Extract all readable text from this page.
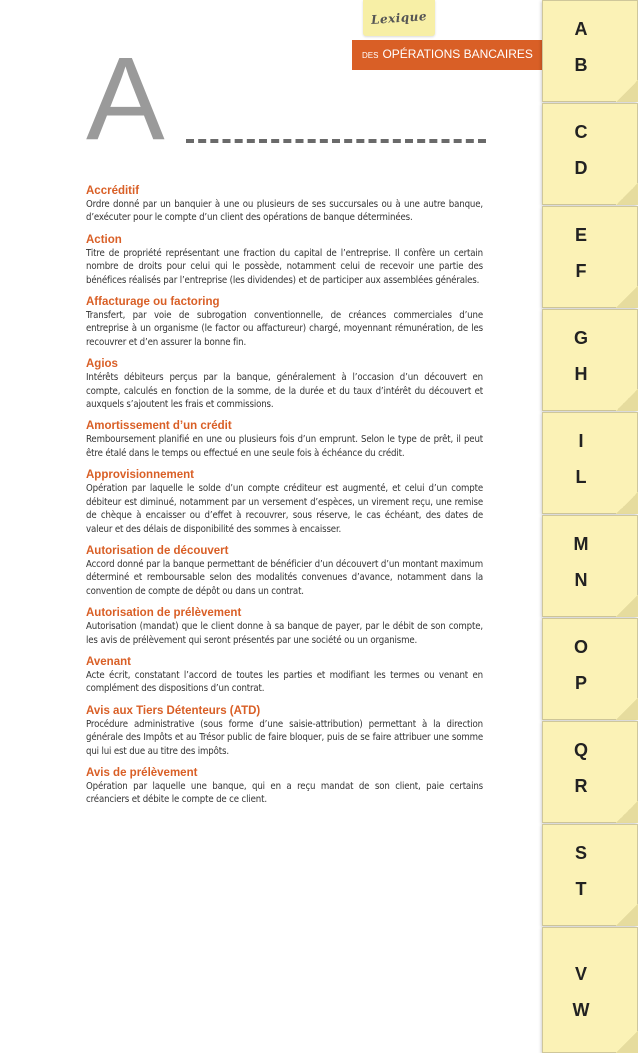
Lexique
DES OPÉRATIONS BANCAIRES
A

Accréditif

Ordre donné par un banquier à une ou plusieurs de ses succursales ou à une autre banque, d’exécuter pour le compte d’un client des opérations de banque déterminées.

Action

Titre de propriété représentant une fraction du capital de l’entreprise. Il confère un certain nombre de droits pour celui qui le possède, notamment celui de recevoir une partie des bénéfices réalisés par l’entreprise (les dividendes) et de participer aux assemblées générales.

Affacturage ou factoring

Transfert, par voie de subrogation conventionnelle, de créances commerciales d’une entreprise à un organisme (le factor ou affactureur) chargé, moyennant rémunération, de les recouvrer et d’en assurer la bonne fin.

Agios

Intérêts débiteurs perçus par la banque, généralement à l’occasion d’un découvert en compte, calculés en fonction de la somme, de la durée et du taux d’intérêt du découvert et auxquels s’ajoutent les frais et commissions.

Amortissement d’un crédit

Remboursement planifié en une ou plusieurs fois d’un emprunt. Selon le type de prêt, il peut être étalé dans le temps ou effectué en une seule fois à échéance du crédit.

Approvisionnement

Opération par laquelle le solde d’un compte créditeur est augmenté, et celui d’un compte débiteur est diminué, notamment par un versement d’espèces, un virement reçu, une remise de chèque à encaisser ou d’effet à recouvrer, sous réserve, le cas échéant, des dates de valeur et des délais de disponibilité des sommes à encaisser.

Autorisation de découvert

Accord donné par la banque permettant de bénéficier d’un découvert d’un montant maximum déterminé et remboursable selon des modalités convenues d’avance, notamment dans la convention de compte de dépôt ou dans un contrat.

Autorisation de prélèvement

Autorisation (mandat) que le client donne à sa banque de payer, par le débit de son compte, les avis de prélèvement qui seront présentés par une société ou un organisme.

Avenant

Acte écrit, constatant l’accord de toutes les parties et modifiant les termes ou venant en complément des dispositions d’un contrat.

Avis aux Tiers Détenteurs (ATD)

Procédure administrative (sous forme d’une saisie-attribution) permettant à la direction générale des Impôts et au Trésor public de faire bloquer, puis de se faire attribuer une somme qui lui est due au titre des impôts.

Avis de prélèvement

Opération par laquelle une banque, qui en a reçu mandat de son client, paie certains créanciers et débite le compte de ce client.

A
B
C
D
E
F
G
H
I
L
M
N
O
P
Q
R
S
T
V
W
